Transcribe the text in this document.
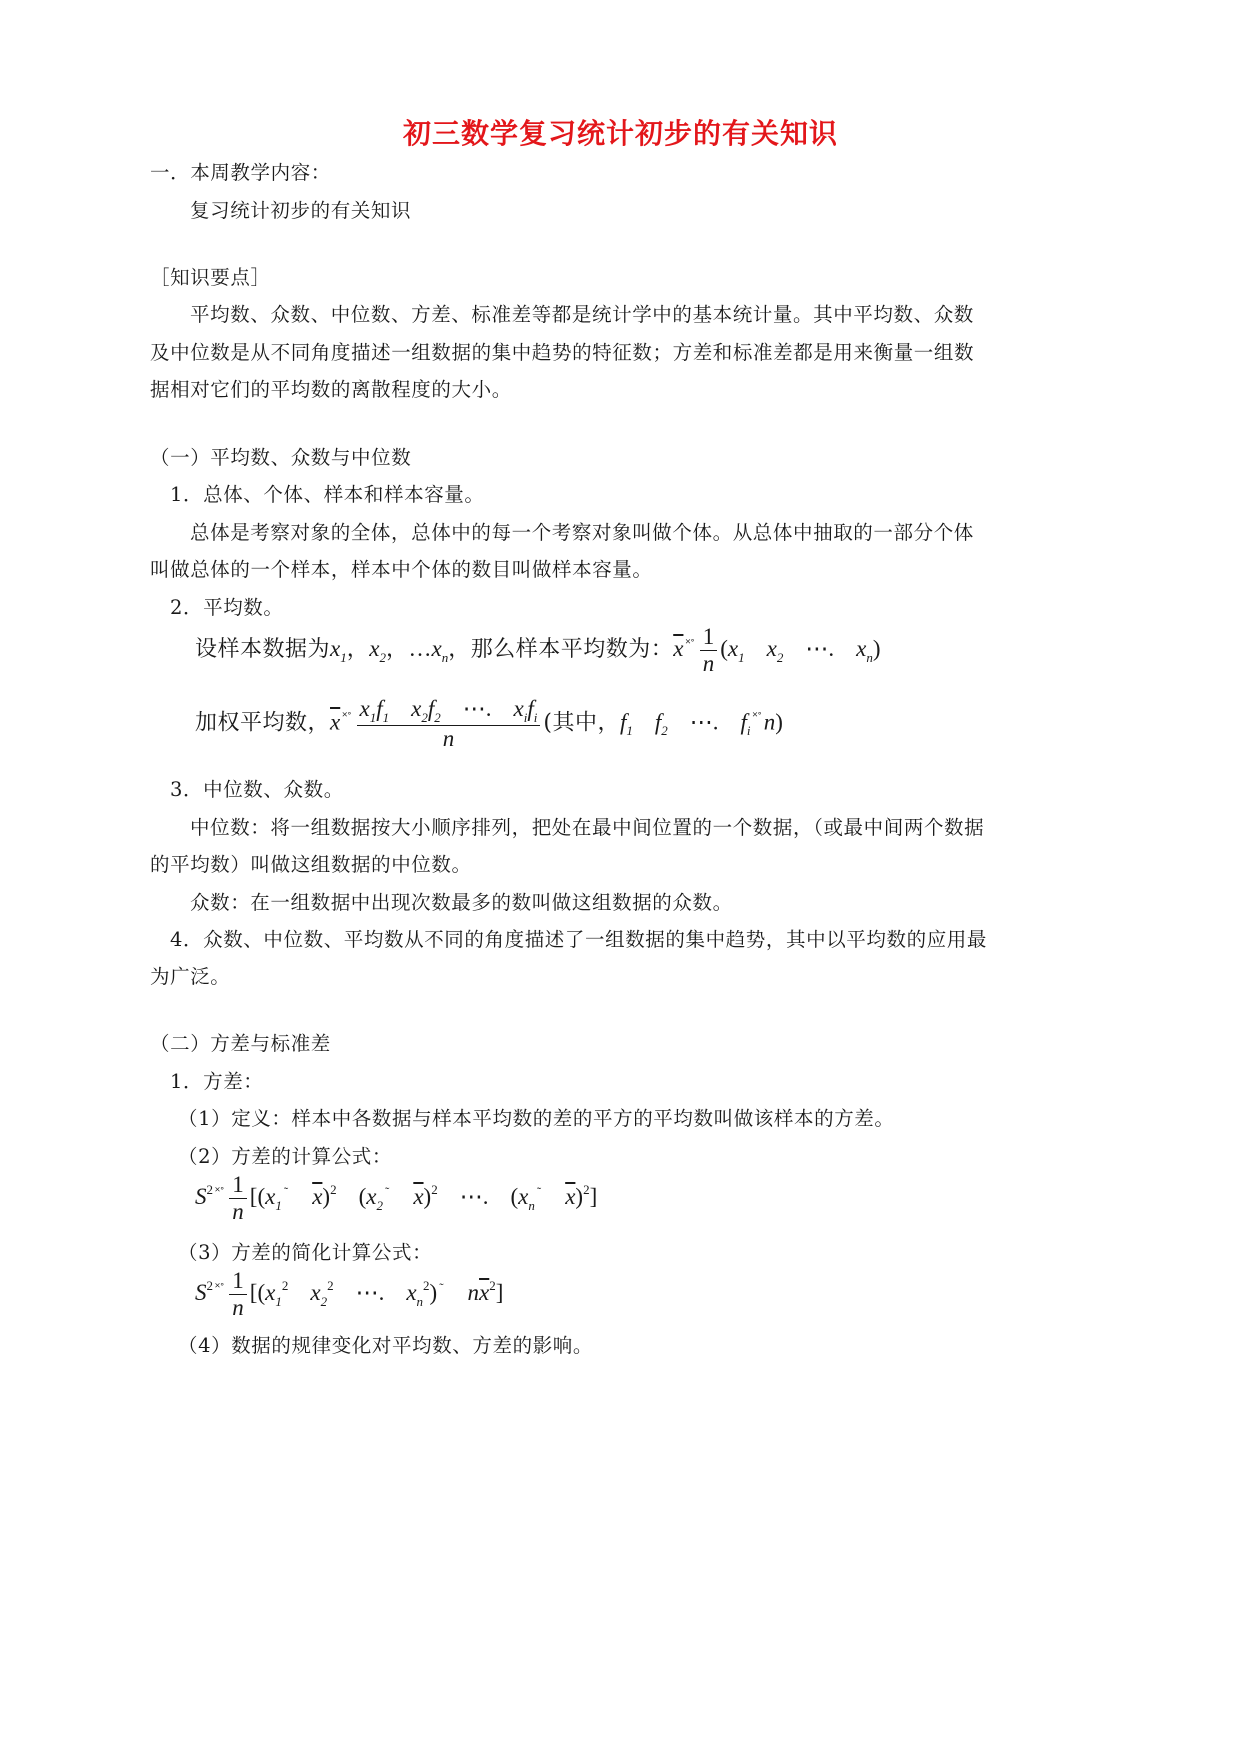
初三数学复习统计初步的有关知识
一．本周教学内容：
复习统计初步的有关知识
［知识要点］
平均数、众数、中位数、方差、标准差等都是统计学中的基本统计量。其中平均数、众数
及中位数是从不同角度描述一组数据的集中趋势的特征数；方差和标准差都是用来衡量一组数
据相对它们的平均数的离散程度的大小。
（一）平均数、众数与中位数
1．总体、个体、样本和样本容量。
总体是考察对象的全体，总体中的每一个考察对象叫做个体。从总体中抽取的一部分个体
叫做总体的一个样本，样本中个体的数目叫做样本容量。
2．平均数。
设样本数据为$x_1$，$x_2$，$\dots x_n$，那么样本平均数为：$\overline{x}$ $^{˟˚} \frac{1}{n} (x_1$ $x_2$ ⋯. $x_n$)
加权平均数，$\overline{x}$ $^{˟˚} \frac{x_1f_1 x_2f_2 \cdots. x_if_i}{n}$ (其中，$f_1$ $f_2$ ⋯. $f_i^{˟˚}n$)
3．中位数、众数。
中位数：将一组数据按大小顺序排列，把处在最中间位置的一个数据，（或最中间两个数据
的平均数）叫做这组数据的中位数。
众数：在一组数据中出现次数最多的数叫做这组数据的众数。
4．众数、中位数、平均数从不同的角度描述了一组数据的集中趋势，其中以平均数的应用最
为广泛。
（二）方差与标准差
1．方差：
（1）定义：样本中各数据与样本平均数的差的平方的平均数叫做该样本的方差。
（2）方差的计算公式：
$S^2$ $^{˟˚} \frac{1}{n} [(x_1^˜$ $\overline{x})^2$ ($x_2^˜$ $\overline{x})^2$ ⋯. ($x_n^˜$ $\overline{x})^2$]
（3）方差的简化计算公式：
$S^2$ $^{˟˚} \frac{1}{n} [(x_1^2$ $x_2^2$ ⋯. $x_n^2$) ˜ $n\overline{x}^2$]
（4）数据的规律变化对平均数、方差的影响。
